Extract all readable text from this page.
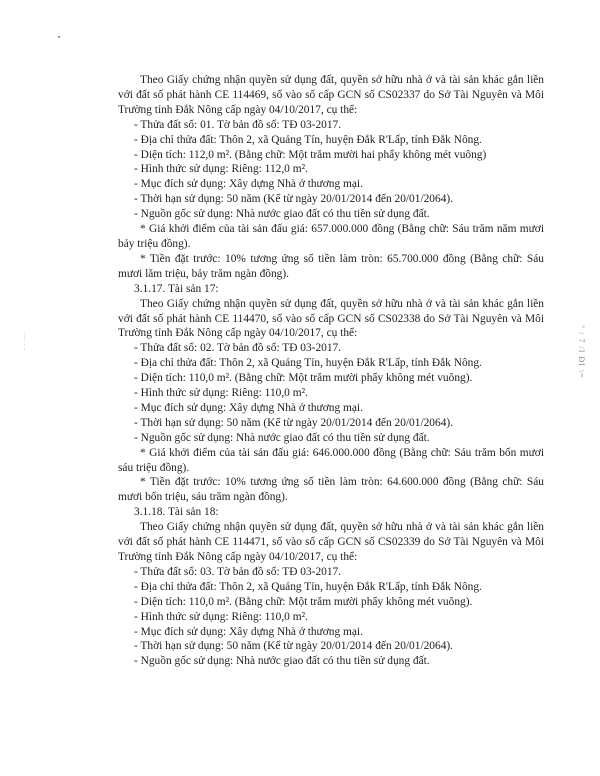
⋯ ⋯

Theo Giấy chứng nhận quyền sử dụng đất, quyền sở hữu nhà ở và tài sản khác gắn liền với đất số phát hành CE 114469, số vào sổ cấp GCN số CS02337 do Sở Tài Nguyên và Môi Trường tỉnh Đắk Nông cấp ngày 04/10/2017, cụ thể:

- Thửa đất số: 01. Tờ bản đồ số: TĐ 03-2017.

- Địa chỉ thửa đất: Thôn 2, xã Quảng Tín, huyện Đắk R'Lấp, tỉnh Đắk Nông.

- Diện tích: 112,0 m². (Bằng chữ: Một trăm mười hai phẩy không mét vuông)

- Hình thức sử dụng: Riêng: 112,0 m².

- Mục đích sử dụng: Xây dựng Nhà ở thương mại.

- Thời hạn sử dụng: 50 năm (Kể từ ngày 20/01/2014 đến 20/01/2064).

- Nguồn gốc sử dụng: Nhà nước giao đất có thu tiền sử dụng đất.

* Giá khởi điểm của tài sản đấu giá: 657.000.000 đồng (Bằng chữ: Sáu trăm năm mươi bảy triệu đồng).

* Tiền đặt trước: 10% tương ứng số tiền làm tròn: 65.700.000 đồng (Bằng chữ: Sáu mươi lăm triệu, bảy trăm ngàn đồng).

3.1.17. Tài sản 17:

Theo Giấy chứng nhận quyền sử dụng đất, quyền sở hữu nhà ở và tài sản khác gắn liền với đất số phát hành CE 114470, số vào sổ cấp GCN số CS02338 do Sở Tài Nguyên và Môi Trường tỉnh Đắk Nông cấp ngày 04/10/2017, cụ thể:

- Thửa đất số: 02. Tờ bản đồ số: TĐ 03-2017.

- Địa chỉ thửa đất: Thôn 2, xã Quảng Tín, huyện Đắk R'Lấp, tỉnh Đắk Nông.

- Diện tích: 110,0 m². (Bằng chữ: Một trăm mười phẩy không mét vuông).

- Hình thức sử dụng: Riêng: 110,0 m².

- Mục đích sử dụng: Xây dựng Nhà ở thương mại.

- Thời hạn sử dụng: 50 năm (Kể từ ngày 20/01/2014 đến 20/01/2064).

- Nguồn gốc sử dụng: Nhà nước giao đất có thu tiền sử dụng đất.

* Giá khởi điểm của tài sản đấu giá: 646.000.000 đồng (Bằng chữ: Sáu trăm bốn mươi sáu triệu đồng).

* Tiền đặt trước: 10% tương ứng số tiền làm tròn: 64.600.000 đồng (Bằng chữ: Sáu mươi bốn triệu, sáu trăm ngàn đồng).

3.1.18. Tài sản 18:

Theo Giấy chứng nhận quyền sử dụng đất, quyền sở hữu nhà ở và tài sản khác gắn liền với đất số phát hành CE 114471, số vào sổ cấp GCN số CS02339 do Sở Tài Nguyên và Môi Trường tỉnh Đắk Nông cấp ngày 04/10/2017, cụ thể:

- Thửa đất số: 03. Tờ bản đồ số: TĐ 03-2017.

- Địa chỉ thửa đất: Thôn 2, xã Quảng Tín, huyện Đắk R'Lấp, tỉnh Đắk Nông.

- Diện tích: 110,0 m². (Bằng chữ: Một trăm mười phẩy không mét vuông).

- Hình thức sử dụng: Riêng: 110,0 m².

- Mục đích sử dụng: Xây dựng Nhà ở thương mại.

- Thời hạn sử dụng: 50 năm (Kể từ ngày 20/01/2014 đến 20/01/2064).

- Nguồn gốc sử dụng: Nhà nước giao đất có thu tiền sử dụng đất.

" / 7 /I ĐI \=
